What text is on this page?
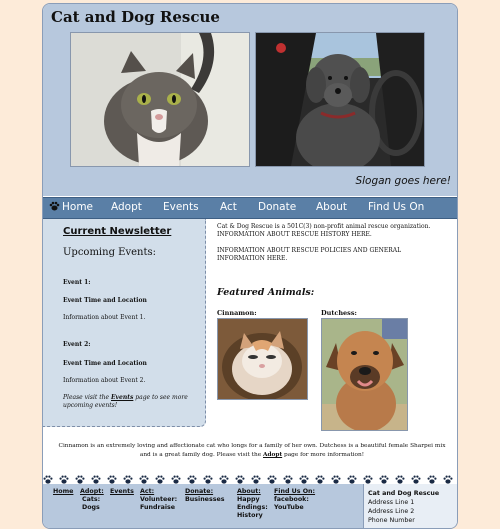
Cat and Dog Rescue
Slogan goes here!
Home Adopt Events Act Donate About Find Us On
Current Newsletter
Upcoming Events:
Event 1:
Event Time and Location
Information about Event 1.
Event 2:
Event Time and Location
Information about Event 2.
Please visit the Events page to see more upcoming events!
Cat & Dog Rescue is a 501C(3) non-profit animal rescue organization. INFORMATION ABOUT RESCUE HISTORY HERE.
INFORMATION ABOUT RESCUE POLICIES AND GENERAL INFORMATION HERE.
Featured Animals:
Cinnamon:	Dutchess:
Cinnamon is an extremely loving and affectionate cat who longs for a family of her own. Dutchess is a beautiful female Sharpei mix and is a great family dog. Please visit the Adopt page for more information!
Home Adopt:
Cats:
Dogs
Events Act:
Volunteer:
Fundraise
Donate:
Businesses
About:
Happy
Endings:
History
Find Us On:
facebook:
YouTube
Cat and Dog Rescue
Address Line 1
Address Line 2
Phone Number
